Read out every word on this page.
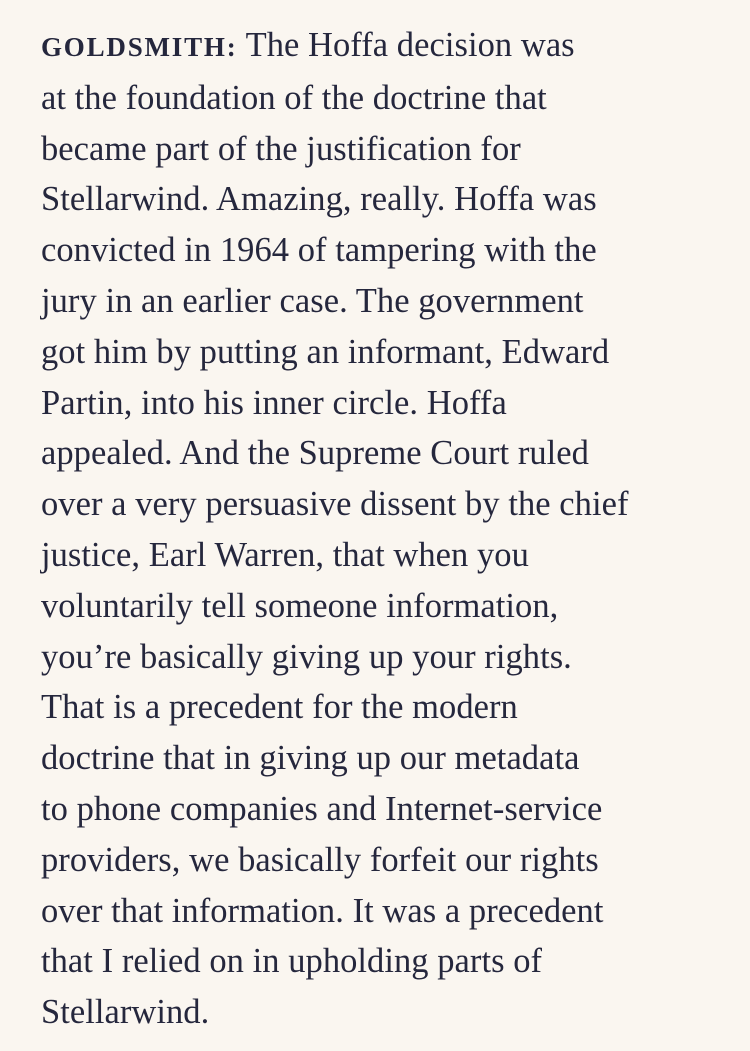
GOLDSMITH: The Hoffa decision was
at the foundation of the doctrine that
became part of the justification for
Stellarwind. Amazing, really. Hoffa was
convicted in 1964 of tampering with the
jury in an earlier case. The government
got him by putting an informant, Edward
Partin, into his inner circle. Hoffa
appealed. And the Supreme Court ruled
over a very persuasive dissent by the chief
justice, Earl Warren, that when you
voluntarily tell someone information,
you’re basically giving up your rights.
That is a precedent for the modern
doctrine that in giving up our metadata
to phone companies and Internet-service
providers, we basically forfeit our rights
over that information. It was a precedent
that I relied on in upholding parts of
Stellarwind.
